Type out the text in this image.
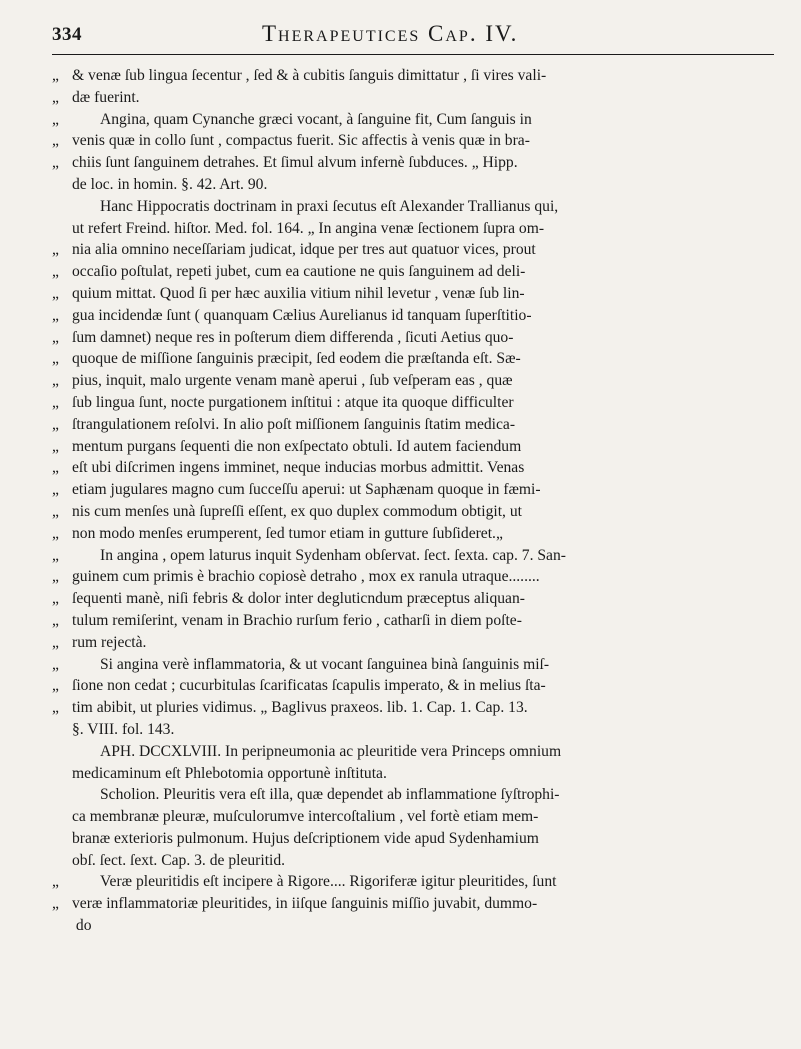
334	Therapeutices Cap. IV.
„ & venæ ſub lingua ſecentur , ſed & à cubitis ſanguis dimittatur , ſi vires vali-
„ dæ fuerint.
„	Angina, quam Cynanche græci vocant, à ſanguine fit, Cum ſanguis in
„ venis quæ in collo ſunt , compactus fuerit. Sic affectis à venis quæ in bra-
„ chiis ſunt ſanguinem detrahes. Et ſimul alvum infernè ſubduces. „ Hipp.
de loc. in homin. §. 42. Art. 90.
Hanc Hippocratis doctrinam in praxi ſecutus eſt Alexander Trallianus qui,
ut refert Freind. hiſtor. Med. fol. 164. „ In angina venæ ſectionem ſupra om-
„ nia alia omnino neceſſariam judicat, idque per tres aut quatuor vices, prout
„ occaſio poſtulat, repeti jubet, cum ea cautione ne quis ſanguinem ad deli-
„ quium mittat. Quod ſi per hæc auxilia vitium nihil levetur , venæ ſub lin-
„ gua incidendæ ſunt ( quanquam Cælius Aurelianus id tanquam ſuperſtitio-
„ ſum damnet) neque res in poſterum diem differenda , ſicuti Aetius quo-
„ quoque de miſſione ſanguinis præcipit, ſed eodem die præſtanda eſt. Sæ-
„ pius, inquit, malo urgente venam manè aperui , ſub veſperam eas , quæ
„ ſub lingua ſunt, nocte purgationem inſtitui : atque ita quoque difficulter
„ ſtrangulationem reſolvi. In alio poſt miſſionem ſanguinis ſtatim medica-
„ mentum purgans ſequenti die non exſpectato obtuli. Id autem faciendum
„ eſt ubi diſcrimen ingens imminet, neque inducias morbus admittit. Venas
„ etiam jugulares magno cum ſucceſſu aperui: ut Saphænam quoque in fæmi-
„ nis cum menſes unà ſupreſſi eſſent, ex quo duplex commodum obtigit, ut
„ non modo menſes erumperent, ſed tumor etiam in gutture ſubſideret.„
„	In angina , opem laturus inquit Sydenham obſervat. ſect. ſexta. cap. 7. San-
„ guinem cum primis è brachio copiosè detraho , mox ex ranula utraque........
„ ſequenti manè, niſi febris & dolor inter degluticndum præceptus aliquan-
„ tulum remiſerint, venam in Brachio rurſum ferio , catharſi in diem poſte-
„ rum rejectà.
„	Si angina verè inflammatoria, & ut vocant ſanguinea binà ſanguinis miſ-
„ ſione non cedat ; cucurbitulas ſcarificatas ſcapulis imperato, & in melius ſta-
„ tim abibit, ut pluries vidimus. „ Baglivus praxeos. lib. 1. Cap. 1. Cap. 13.
§. VIII. fol. 143.
APH. DCCXLVIII. In peripneumonia ac pleuritide vera Princeps omnium
medicaminum eſt Phlebotomia opportunè inſtituta.
Scholion. Pleuritis vera eſt illa, quæ dependet ab inflammatione ſyſtrophi-
ca membranæ pleuræ, muſculorumve intercoſtalium , vel fortè etiam mem-
branæ exterioris pulmonum. Hujus deſcriptionem vide apud Sydenhamium
obſ. ſect. ſext. Cap. 3. de pleuritid.
„	Veræ pleuritidis eſt incipere à Rigore.... Rigoriferæ igitur pleuritides, ſunt
„ veræ inflammatoriæ pleuritides, in iiſque ſanguinis miſſio juvabit, dummo-
do
